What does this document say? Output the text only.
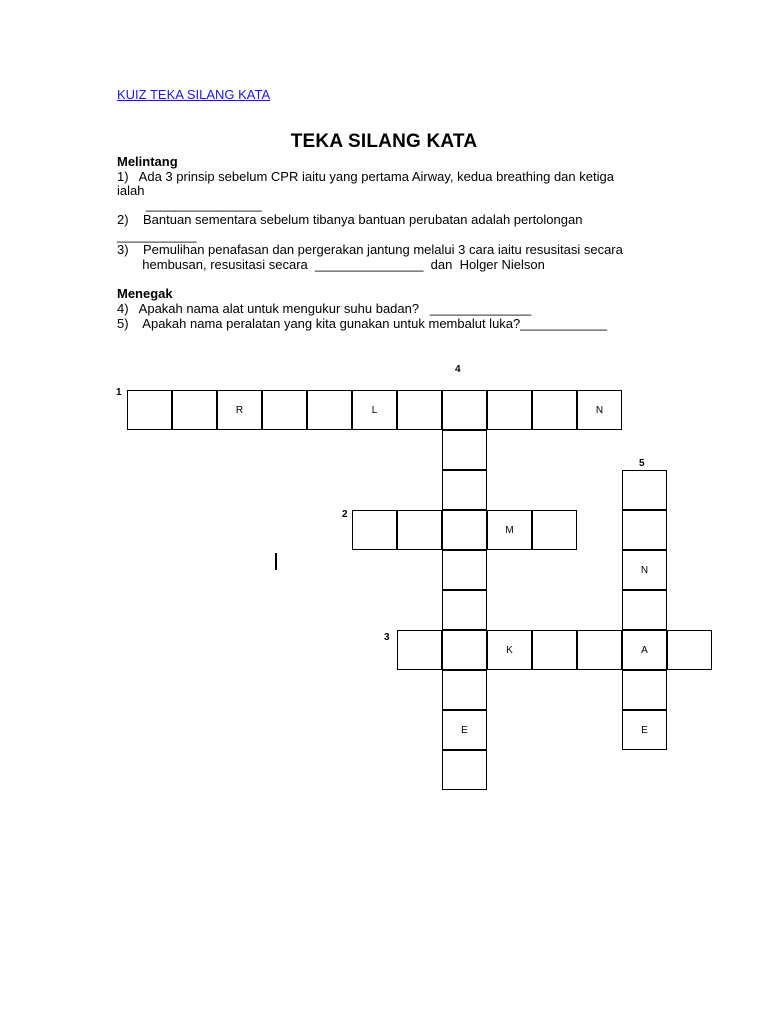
KUIZ TEKA SILANG KATA
TEKA SILANG KATA
Melintang
1)   Ada 3 prinsip sebelum CPR iaitu yang pertama Airway, kedua breathing dan ketiga
ialah
________________
2)    Bantuan sementara sebelum tibanya bantuan perubatan adalah pertolongan
___________
3)    Pemulihan penafasan dan pergerakan jantung melalui 3 cara iaitu resusitasi secara
hembusan, resusitasi secara  _______________  dan  Holger Nielson
Menegak
4)   Apakah nama alat untuk mengukur suhu badan?   ______________
5)    Apakah nama peralatan yang kita gunakan untuk membalut luka?____________
1
4
5
2
3
R	L	N
E
M
N
E
K	A
